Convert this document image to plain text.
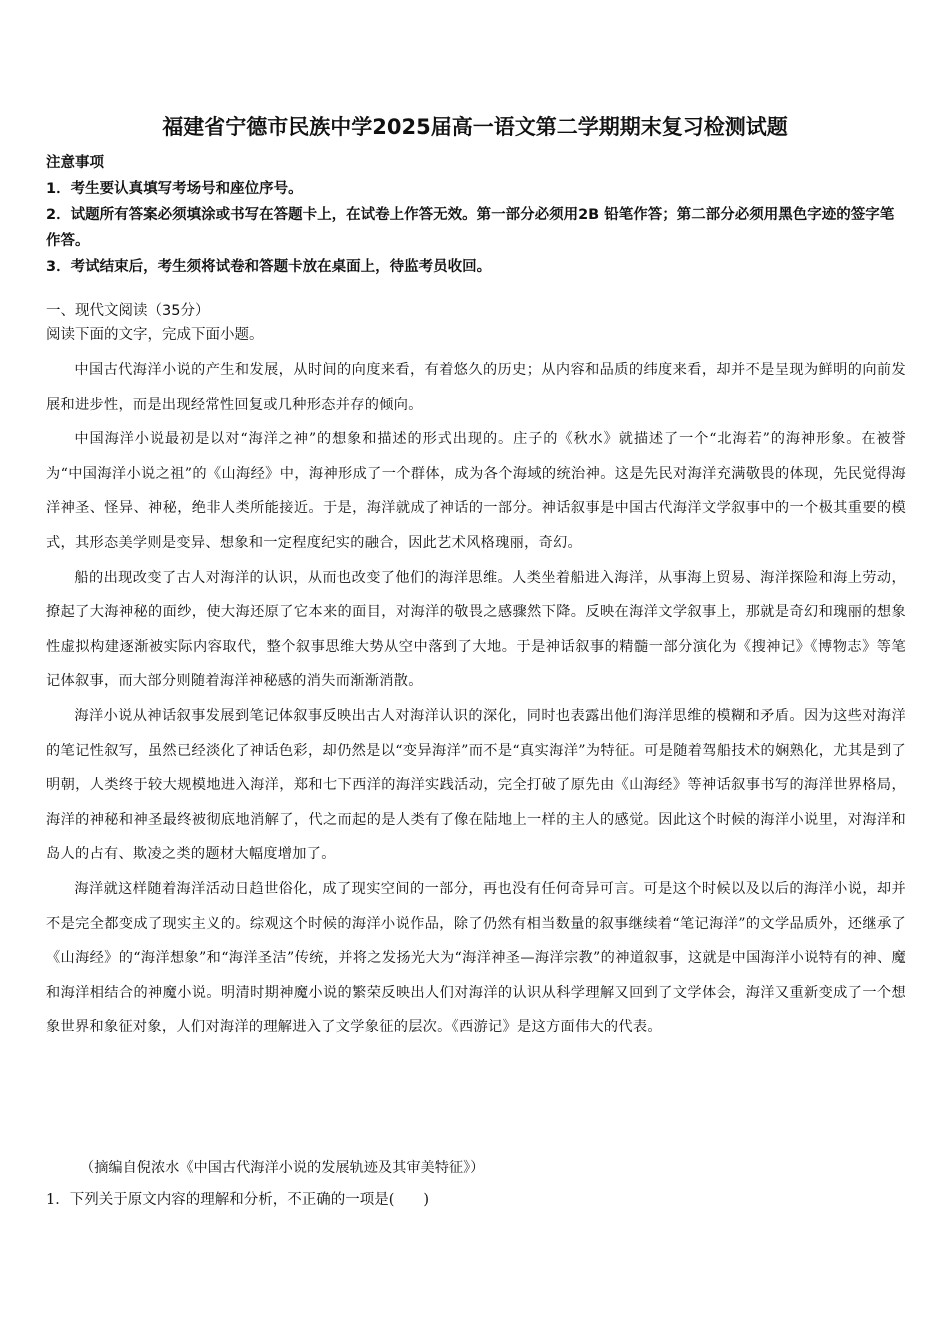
福建省宁德市民族中学2025届高一语文第二学期期末复习检测试题
注意事项
1．考生要认真填写考场号和座位序号。
2．试题所有答案必须填涂或书写在答题卡上，在试卷上作答无效。第一部分必须用2B 铅笔作答；第二部分必须用黑色字迹的签字笔作答。
3．考试结束后，考生须将试卷和答题卡放在桌面上，待监考员收回。
一、现代文阅读（35分）
阅读下面的文字，完成下面小题。

中国古代海洋小说的产生和发展，从时间的向度来看，有着悠久的历史；从内容和品质的纬度来看，却并不是呈现为鲜明的向前发展和进步性，而是出现经常性回复或几种形态并存的倾向。

中国海洋小说最初是以对“海洋之神”的想象和描述的形式出现的。庄子的《秋水》就描述了一个“北海若”的海神形象。在被誉为“中国海洋小说之祖”的《山海经》中，海神形成了一个群体，成为各个海域的统治神。这是先民对海洋充满敬畏的体现，先民觉得海洋神圣、怪异、神秘，绝非人类所能接近。于是，海洋就成了神话的一部分。神话叙事是中国古代海洋文学叙事中的一个极其重要的模式，其形态美学则是变异、想象和一定程度纪实的融合，因此艺术风格瑰丽，奇幻。

船的出现改变了古人对海洋的认识，从而也改变了他们的海洋思维。人类坐着船进入海洋，从事海上贸易、海洋探险和海上劳动，撩起了大海神秘的面纱，使大海还原了它本来的面目，对海洋的敬畏之感骤然下降。反映在海洋文学叙事上，那就是奇幻和瑰丽的想象性虚拟构建逐渐被实际内容取代，整个叙事思维大势从空中落到了大地。于是神话叙事的精髓一部分演化为《搜神记》《博物志》等笔记体叙事，而大部分则随着海洋神秘感的消失而渐渐消散。

海洋小说从神话叙事发展到笔记体叙事反映出古人对海洋认识的深化，同时也表露出他们海洋思维的模糊和矛盾。因为这些对海洋的笔记性叙写，虽然已经淡化了神话色彩，却仍然是以“变异海洋”而不是“真实海洋”为特征。可是随着驾船技术的娴熟化，尤其是到了明朝，人类终于较大规模地进入海洋，郑和七下西洋的海洋实践活动，完全打破了原先由《山海经》等神话叙事书写的海洋世界格局，海洋的神秘和神圣最终被彻底地消解了，代之而起的是人类有了像在陆地上一样的主人的感觉。因此这个时候的海洋小说里，对海洋和岛人的占有、欺凌之类的题材大幅度增加了。

海洋就这样随着海洋活动日趋世俗化，成了现实空间的一部分，再也没有任何奇异可言。可是这个时候以及以后的海洋小说，却并不是完全都变成了现实主义的。综观这个时候的海洋小说作品，除了仍然有相当数量的叙事继续着“笔记海洋”的文学品质外，还继承了《山海经》的“海洋想象”和“海洋圣洁”传统，并将之发扬光大为“海洋神圣—海洋宗教”的神道叙事，这就是中国海洋小说特有的神、魔和海洋相结合的神魔小说。明清时期神魔小说的繁荣反映出人们对海洋的认识从科学理解又回到了文学体会，海洋又重新变成了一个想象世界和象征对象，人们对海洋的理解进入了文学象征的层次。《西游记》是这方面伟大的代表。

（摘编自倪浓水《中国古代海洋小说的发展轨迹及其审美特征》）
1．下列关于原文内容的理解和分析，不正确的一项是(　　)
